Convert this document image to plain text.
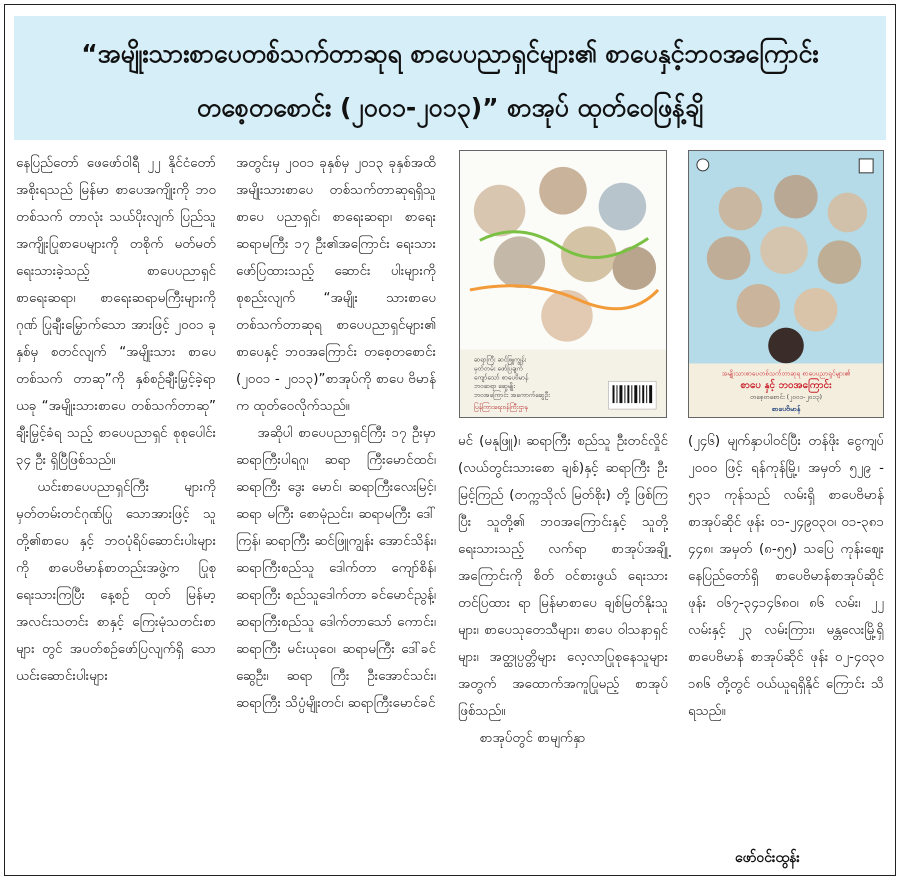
“အမျိုးသားစာပေတစ်သက်တာဆုရ စာပေပညာရှင်များ၏ စာပေနှင့်ဘဝအကြောင်း
တစေ့တစောင်း (၂၀၀၁-၂၀၁၃)” စာအုပ် ထုတ်ဝေဖြန့်ချိ

နေပြည်တော် ဖေဖော်ဝါရီ ၂၂ နိုင်ငံတော်အစိုးရသည် မြန်မာ စာပေအကျိုးကို ဘဝတစ်သက် တာလုံး သယ်ပိုးလျက် ပြည်သူ အကျိုးပြုစာပေများကို တစိုက် မတ်မတ် ရေးသားခဲ့သည့် စာပေပညာရှင် စာရေးဆရာ၊ စာရေးဆရာမကြီးများကို ဂုဏ် ပြုချီးမြှောက်သော အားဖြင့် ၂၀၀၁ ခုနှစ်မှ စတင်လျက် “အမျိုးသား စာပေတစ်သက် တာဆု”ကို နှစ်စဉ်ချီးမြှင့်ခဲ့ရာ ယခု “အမျိုးသားစာပေ တစ်သက်တာဆု” ချီးမြှင့်ခံရ သည့် စာပေပညာရှင် စုစုပေါင်း ၃၄ ဦး ရှိပြီဖြစ်သည်။

ယင်းစာပေပညာရှင်ကြီး များကို မှတ်တမ်းတင်ဂုဏ်ပြု သောအားဖြင့် သူတို့၏စာပေ နှင့် ဘဝပုံရိပ်ဆောင်းပါးများကို စာပေဗိမာန်စာတည်းအဖွဲ့က ပြုစုရေးသားကြပြီး နေ့စဉ် ထုတ် မြန်မာ့အလင်းသတင်း စာနှင့် ကြေးမုံသတင်းစာများ တွင် အပတ်စဉ်ဖော်ပြလျက်ရှိ သော ယင်းဆောင်းပါးများ

အတွင်းမှ ၂၀၀၁ ခုနှစ်မှ ၂၀၁၃ ခုနှစ်အထိ အမျိုးသားစာပေ တစ်သက်တာဆုရရှိသူ စာပေ ပညာရှင်၊ စာရေးဆရာ၊ စာရေး ဆရာမကြီး ၁၇ ဦး၏အကြောင်း ရေးသားဖော်ပြထားသည့် ဆောင်း ပါးများကို စုစည်းလျက် “အမျိုး သားစာပေ တစ်သက်တာဆုရ စာပေပညာရှင်များ၏ စာပေနှင့် ဘဝအကြောင်း တစေ့တစောင်း (၂၀၀၁ - ၂၀၁၃)”စာအုပ်ကို စာပေ ဗိမာန်က ထုတ်ဝေလိုက်သည်။

အဆိုပါ စာပေပညာရှင်ကြီး ၁၇ ဦးမှာ ဆရာကြီးပါရဂူ၊ ဆရာ ကြီးမောင်ထင်၊ ဆရာကြီး ဒွေး မောင်၊ ဆရာကြီးလေးမြင့်၊ ဆရာ မကြီး စောမုံညင်း၊ ဆရာမကြီး ဒေါ်ကြန်၊ ဆရာကြီး ဆင်ဖြူကျွန်း အောင်သိန်း၊ ဆရာကြီးစည်သူ ဒေါက်တာ ကျော်စိန်၊ ဆရာကြီး စည်သူဒေါက်တာ ခင်မောင်ညွန့်၊ ဆရာကြီးစည်သူ ဒေါက်တာသော် ကောင်း၊ ဆရာကြီး မင်းယုဝေ၊ ဆရာမကြီး ဒေါ်ခင်ဆွေဦး၊ ဆရာ ကြီး ဦးအောင်သင်း၊ ဆရာကြီး သိပ္ပံမျိုးတင်၊ ဆရာကြီးမောင်ခင်

ဆရာကြီး ဆင်ဖြူကျွန်း
မှတ်တမ်း ဖော်ပြချက်
ကျော်သော် စာပေဗိမာန်
ဘဝဆရာ ဆွေမျိုး
ဘဝအကြောင်း အကောက်ဆွေဦး
ပြန်ကြားရေးဝန်ကြီးဌာန
အမျိုးသားစာပေတစ်သက်တာဆုရ စာပေပညာရှင်များ၏
စာပေ နှင့် ဘဝအကြောင်း
တစေ့တစောင်း (၂၀၀၁-၂၀၁၃)
စာပေဗိမာန်

မင် (မနုဖြူ)၊ ဆရာကြီး စည်သူ ဦးတင်လှိုင် (လယ်တွင်းသားစော ချစ်)နှင့် ဆရာကြီး ဦးမြင့်ကြည် (တက္ကသိုလ် မြတ်စိုး) တို့ ဖြစ်ကြ ပြီး သူတို့၏ ဘဝအကြောင်းနှင့် သူတို့ရေးသားသည့် လက်ရာ စာအုပ်အချို့အကြောင်းကို စိတ် ဝင်စားဖွယ် ရေးသားတင်ပြထား ရာ မြန်မာစာပေ ချစ်မြတ်နိုးသူ များ၊ စာပေသုတေသီများ၊ စာပေ ဝါသနာရှင်များ၊ အတ္ထုပ္ပတ္တိများ လေ့လာပြုစုနေသူများအတွက် အထောက်အကူပြုမည့် စာအုပ် ဖြစ်သည်။

စာအုပ်တွင် စာမျက်နှာ

(၂၄၆) မျက်နှာပါဝင်ပြီး တန်ဖိုး ငွေကျပ် ၂၀၀၀ ဖြင့် ရန်ကုန်မြို့၊ အမှတ် ၅၂၉ - ၅၃၁ ကုန်သည် လမ်းရှိ စာပေဗိမာန်စာအုပ်ဆိုင် ဖုန်း ၀၁-၂၄၉၀၃၀၊ ၀၁-၃၈၁ ၄၄၈၊ အမှတ် (၈-၅၅) သပြေ ကုန်းဈေး နေပြည်တော်ရှိ စာပေဗိမာန်စာအုပ်ဆိုင် ဖုန်း ၀၆၇-၃၄၁၄၆၈၀၊ ၈၆ လမ်း၊ ၂၂ လမ်းနှင့် ၂၃ လမ်းကြား၊ မန္တလေးမြို့ရှိ စာပေဗိမာန် စာအုပ်ဆိုင် ဖုန်း ၀၂-၄၀၃၀ ၁၈၆ တို့တွင် ဝယ်ယူရရှိနိုင် ကြောင်း သိရသည်။

ဖော်ဝင်းထွန်း
